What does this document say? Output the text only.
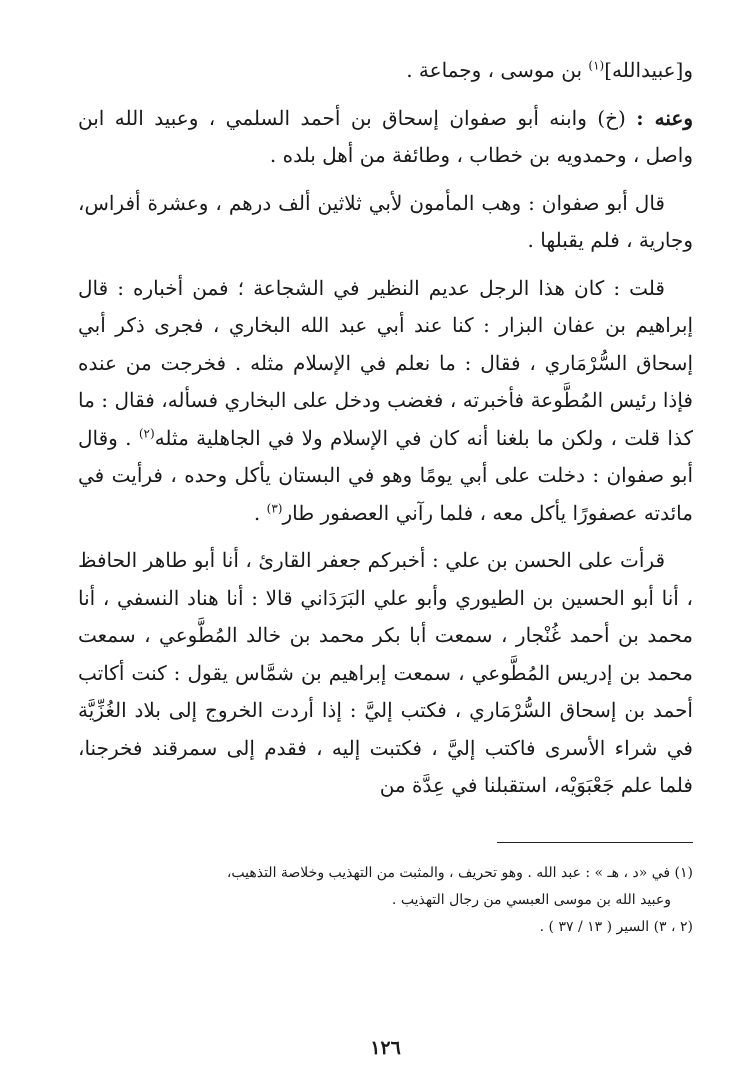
و[عبيدالله]$^{(١)}$ بن موسى ، وجماعة .

وعنه : (خ) وابنه أبو صفوان إسحاق بن أحمد السلمي ، وعبيد الله ابن واصل ، وحمدويه بن خطاب ، وطائفة من أهل بلده .

قال أبو صفوان : وهب المأمون لأبي ثلاثين ألف درهم ، وعشرة أفراس، وجارية ، فلم يقبلها .

قلت : كان هذا الرجل عديم النظير في الشجاعة ؛ فمن أخباره : قال إبراهيم بن عفان البزار : كنا عند أبي عبد الله البخاري ، فجرى ذكر أبي إسحاق السُّرْمَاري ، فقال : ما نعلم في الإسلام مثله . فخرجت من عنده فإذا رئيس المُطَّوعة فأخبرته ، فغضب ودخل على البخاري فسأله، فقال : ما كذا قلت ، ولكن ما بلغنا أنه كان في الإسلام ولا في الجاهلية مثله$^{(٢)}$ . وقال أبو صفوان : دخلت على أبي يومًا وهو في البستان يأكل وحده ، فرأيت في مائدته عصفورًا يأكل معه ، فلما رآني العصفور طار$^{(٣)}$ .

قرأت على الحسن بن علي : أخبركم جعفر القارئ ، أنا أبو طاهر الحافظ ، أنا أبو الحسين بن الطيوري وأبو علي البَرَدَاني قالا : أنا هناد النسفي ، أنا محمد بن أحمد غُنْجار ، سمعت أبا بكر محمد بن خالد المُطَّوعي ، سمعت محمد بن إدريس المُطَّوعي ، سمعت إبراهيم بن شمَّاس يقول : كنت أكاتب أحمد بن إسحاق السُّرْمَاري ، فكتب إليَّ : إذا أردت الخروج إلى بلاد الغُزِّيَّة في شراء الأسرى فاكتب إليَّ ، فكتبت إليه ، فقدم إلى سمرقند فخرجنا، فلما علم جَعْبَوَيْه، استقبلنا في عِدَّة من

(١) في «د ، هـ » : عبد الله . وهو تحريف ، والمثبت من التهذيب وخلاصة التذهيب،

وعبيد الله بن موسى العبسي من رجال التهذيب .

(٢ ، ٣) السير ( ١٣ / ٣٧ ) .

١٢٦
